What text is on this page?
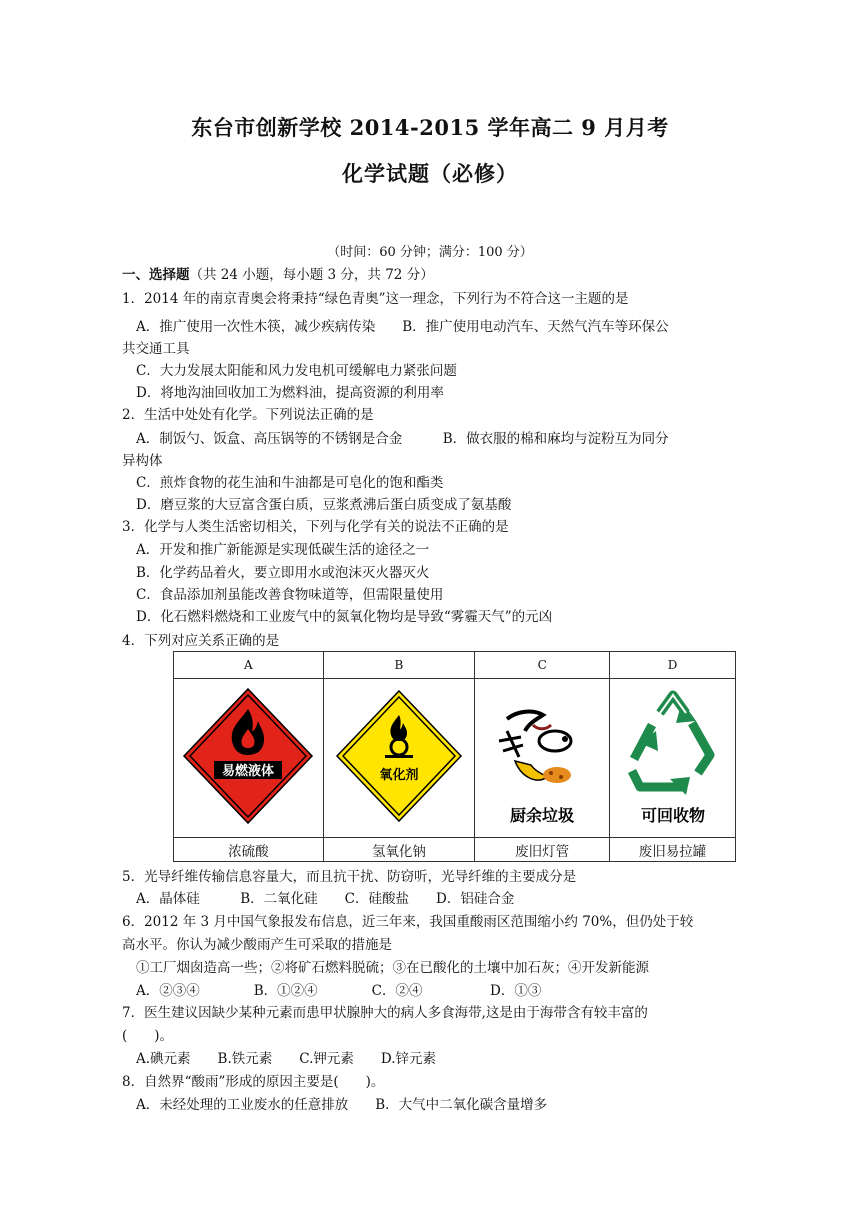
东台市创新学校 2014-2015 学年高二 9 月月考
化学试题（必修）
（时间：60 分钟；满分：100 分）
一、选择题（共 24 小题，每小题 3 分，共 72 分）
1．2014 年的南京青奥会将秉持“绿色青奥”这一理念，下列行为不符合这一主题的是
A．推广使用一次性木筷，减少疾病传染　　B．推广使用电动汽车、天然气汽车等环保公
共交通工具
C．大力发展太阳能和风力发电机可缓解电力紧张问题
D．将地沟油回收加工为燃料油，提高资源的利用率
2．生活中处处有化学。下列说法正确的是
A．制饭勺、饭盒、高压锅等的不锈钢是合金　　　B．做衣服的棉和麻均与淀粉互为同分
异构体
C．煎炸食物的花生油和牛油都是可皂化的饱和酯类
D．磨豆浆的大豆富含蛋白质，豆浆煮沸后蛋白质变成了氨基酸
3．化学与人类生活密切相关，下列与化学有关的说法不正确的是
A．开发和推广新能源是实现低碳生活的途径之一
B．化学药品着火，要立即用水或泡沫灭火器灭火
C．食品添加剂虽能改善食物味道等，但需限量使用
D．化石燃料燃烧和工业废气中的氮氧化物均是导致“雾霾天气”的元凶
4．下列对应关系正确的是
A	B	C	D

易燃液体	氧化剂	厨余垃圾	可回收物

浓硫酸	氢氧化钠	废旧灯管	废旧易拉罐
5．光导纤维传输信息容量大，而且抗干扰、防窃听，光导纤维的主要成分是
A．晶体硅　　　B．二氧化硅　　C．硅酸盐　　D．铝硅合金
6．2012 年 3 月中国气象报发布信息，近三年来，我国重酸雨区范围缩小约 70%，但仍处于较
高水平。你认为减少酸雨产生可采取的措施是
①工厂烟囱造高一些；②将矿石燃料脱硫；③在已酸化的土壤中加石灰；④开发新能源
A．②③④　　　　B．①②④　　　　C．②④　　　　　D．①③
7．医生建议因缺少某种元素而患甲状腺肿大的病人多食海带,这是由于海带含有较丰富的
(　　)。
A.碘元素　　B.铁元素　　C.钾元素　　D.锌元素
8．自然界“酸雨”形成的原因主要是(　　)。
A．未经处理的工业废水的任意排放　　B．大气中二氧化碳含量增多
